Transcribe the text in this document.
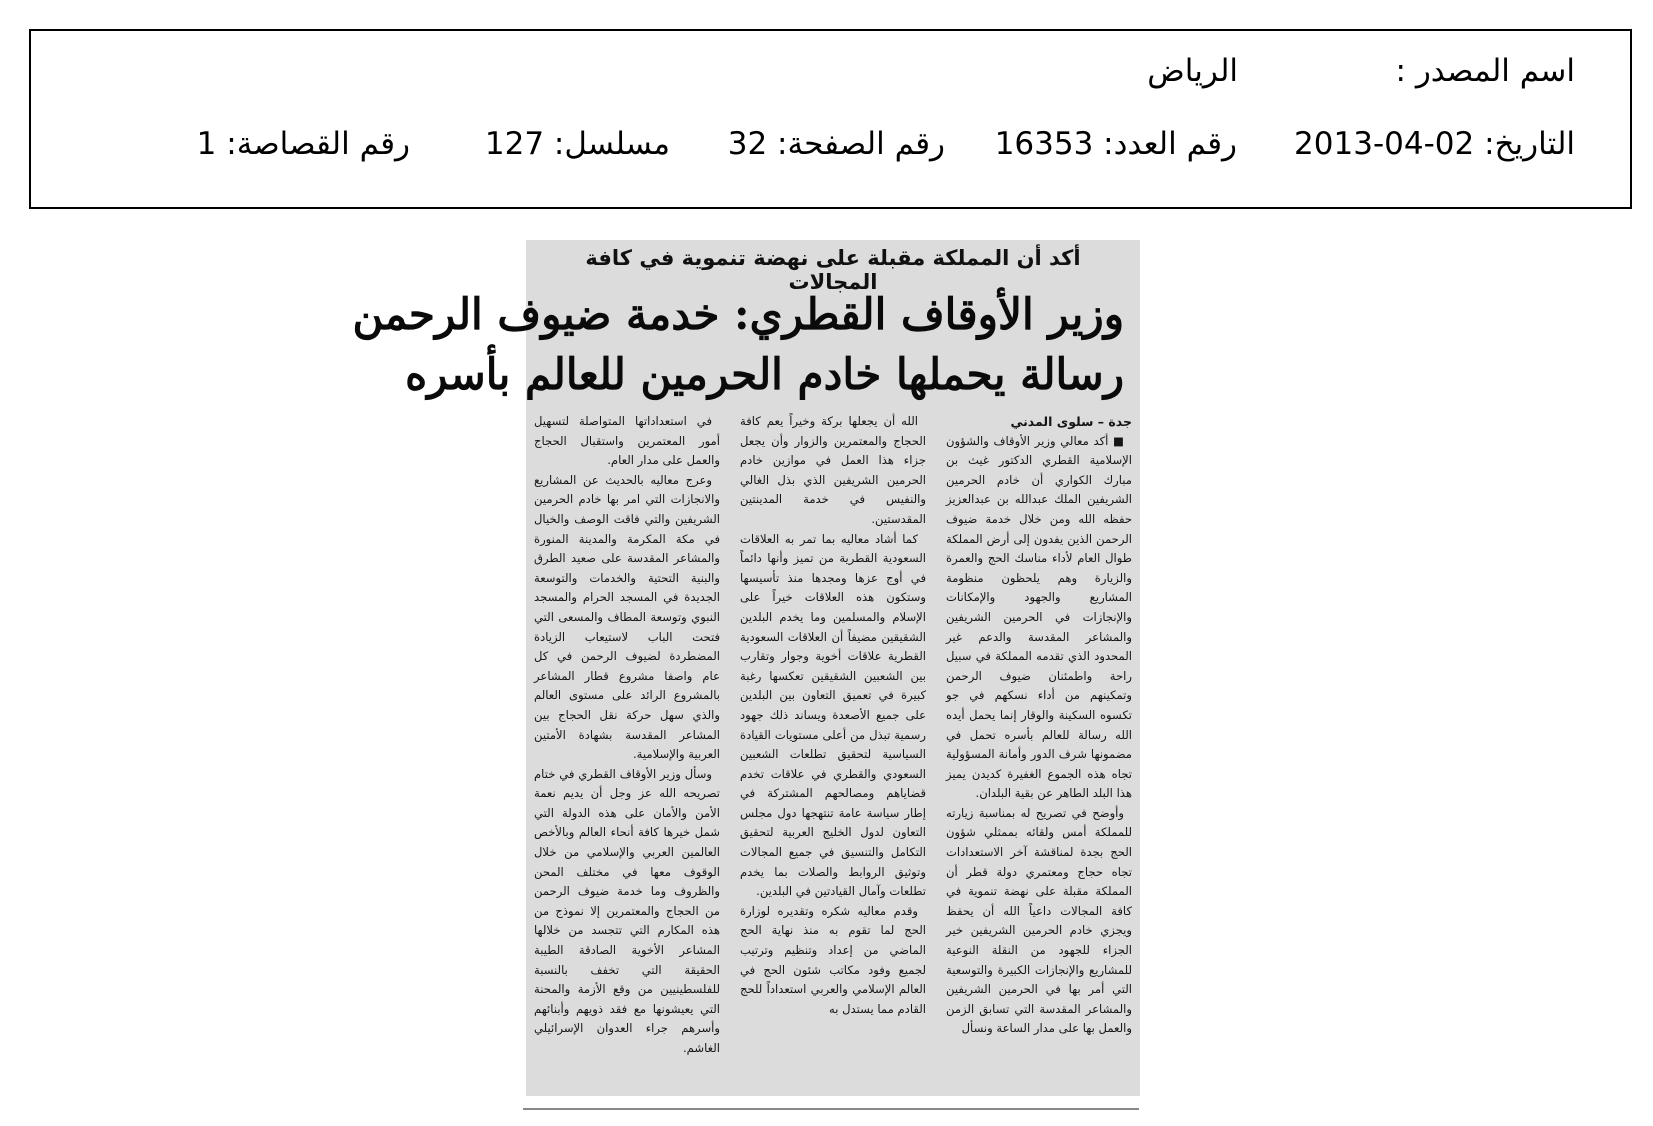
اسم المصدر :
الرياض
التاريخ: 02-04-2013
رقم العدد: 16353
رقم الصفحة: 32
مسلسل: 127
رقم القصاصة: 1
أكد أن المملكة مقبلة على نهضة تنموية في كافة المجالات
وزير الأوقاف القطري: خدمة ضيوف الرحمن
رسالة يحملها خادم الحرمين للعالم بأسره
جدة – سلوى المدني

■ أكد معالي وزير الأوقاف والشؤون الإسلامية القطري الدكتور غيث بن مبارك الكواري أن خادم الحرمين الشريفين الملك عبدالله بن عبدالعزيز حفظه الله ومن خلال خدمة ضيوف الرحمن الذين يفدون إلى أرض المملكة طوال العام لأداء مناسك الحج والعمرة والزيارة وهم يلحظون منظومة المشاريع والجهود والإمكانات والإنجازات في الحرمين الشريفين والمشاعر المقدسة والدعم غير المحدود الذي تقدمه المملكة في سبيل راحة واطمئنان ضيوف الرحمن وتمكينهم من أداء نسكهم في جو تكسوه السكينة والوقار إنما يحمل أيده الله رسالة للعالم بأسره تحمل في مضمونها شرف الدور وأمانة المسؤولية تجاه هذه الجموع الغفيرة كديدن يميز هذا البلد الطاهر عن بقية البلدان.

وأوضح في تصريح له بمناسبة زيارته للمملكة أمس ولقائه بممثلي شؤون الحج بجدة لمناقشة آخر الاستعدادات تجاه حجاج ومعتمري دولة قطر أن المملكة مقبلة على نهضة تنموية في كافة المجالات داعياً الله أن يحفظ ويجزي خادم الحرمين الشريفين خير الجزاء للجهود من النقلة النوعية للمشاريع والإنجازات الكبيرة والتوسعية التي أمر بها في الحرمين الشريفين والمشاعر المقدسة التي تسابق الزمن والعمل بها على مدار الساعة ونسأل

الله أن يجعلها بركة وخيراً يعم كافة الحجاج والمعتمرين والزوار وأن يجعل جزاء هذا العمل في موازين خادم الحرمين الشريفين الذي بذل الغالي والنفيس في خدمة المدينتين المقدستين.

كما أشاد معاليه بما تمر به العلاقات السعودية القطرية من تميز وأنها دائماً في أوج عزها ومجدها منذ تأسيسها وستكون هذه العلاقات خيراً على الإسلام والمسلمين وما يخدم البلدين الشقيقين مضيفاً أن العلاقات السعودية القطرية علاقات أخوية وجوار وتقارب بين الشعبين الشقيقين تعكسها رغبة كبيرة في تعميق التعاون بين البلدين على جميع الأصعدة ويساند ذلك جهود رسمية تبذل من أعلى مستويات القيادة السياسية لتحقيق تطلعات الشعبين السعودي والقطري في علاقات تخدم قضاياهم ومصالحهم المشتركة في إطار سياسة عامة تنتهجها دول مجلس التعاون لدول الخليج العربية لتحقيق التكامل والتنسيق في جميع المجالات وتوثيق الروابط والصلات بما يخدم تطلعات وآمال القيادتين في البلدين.

وقدم معاليه شكره وتقديره لوزارة الحج لما تقوم به منذ نهاية الحج الماضي من إعداد وتنظيم وترتيب لجميع وفود مكاتب شئون الحج في العالم الإسلامي والعربي استعداداً للحج القادم مما يستدل به

في استعداداتها المتواصلة لتسهيل أمور المعتمرين واستقبال الحجاج والعمل على مدار العام.

وعرج معاليه بالحديث عن المشاريع والانجازات التي امر بها خادم الحرمين الشريفين والتي فاقت الوصف والخيال في مكة المكرمة والمدينة المنورة والمشاعر المقدسة على صعيد الطرق والبنية التحتية والخدمات والتوسعة الجديدة في المسجد الحرام والمسجد النبوي وتوسعة المطاف والمسعى التي فتحت الباب لاستيعاب الزيادة المضطردة لضيوف الرحمن في كل عام واصفا مشروع قطار المشاعر بالمشروع الرائد على مستوى العالم والذي سهل حركة نقل الحجاج بين المشاعر المقدسة بشهادة الأمتين العربية والإسلامية.

وسأل وزير الأوقاف القطري في ختام تصريحه الله عز وجل أن يديم نعمة الأمن والأمان على هذه الدولة التي شمل خيرها كافة أنحاء العالم وبالأخص العالمين العربي والإسلامي من خلال الوقوف معها في مختلف المحن والظروف وما خدمة ضيوف الرحمن من الحجاج والمعتمرين إلا نموذج من هذه المكارم التي تتجسد من خلالها المشاعر الأخوية الصادقة الطيبة الحقيقة التي تخفف بالنسبة للفلسطينيين من وقع الأزمة والمحنة التي يعيشونها مع فقد ذويهم وأبنائهم وأسرهم جراء العدوان الإسرائيلي الغاشم.
